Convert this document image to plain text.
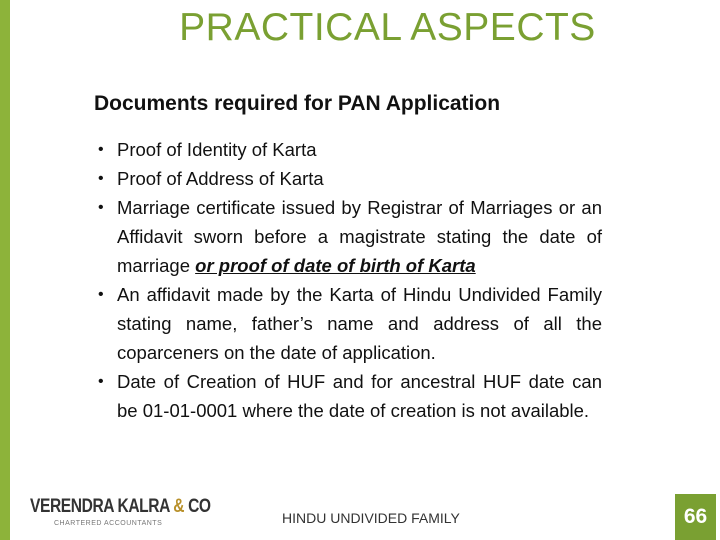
PRACTICAL ASPECTS
Documents required for PAN Application
• Proof of Identity of Karta
• Proof of Address of Karta
• Marriage certificate issued by Registrar of Marriages or an Affidavit sworn before a magistrate stating the date of marriage or proof of date of birth of Karta
• An affidavit made by the Karta of Hindu Undivided Family stating name, father’s name and address of all the coparceners on the date of application.
• Date of Creation of HUF and for ancestral HUF date can be 01-01-0001 where the date of creation is not available.
VERENDRA KALRA & CO
CHARTERED ACCOUNTANTS	HINDU UNDIVIDED FAMILY	66
